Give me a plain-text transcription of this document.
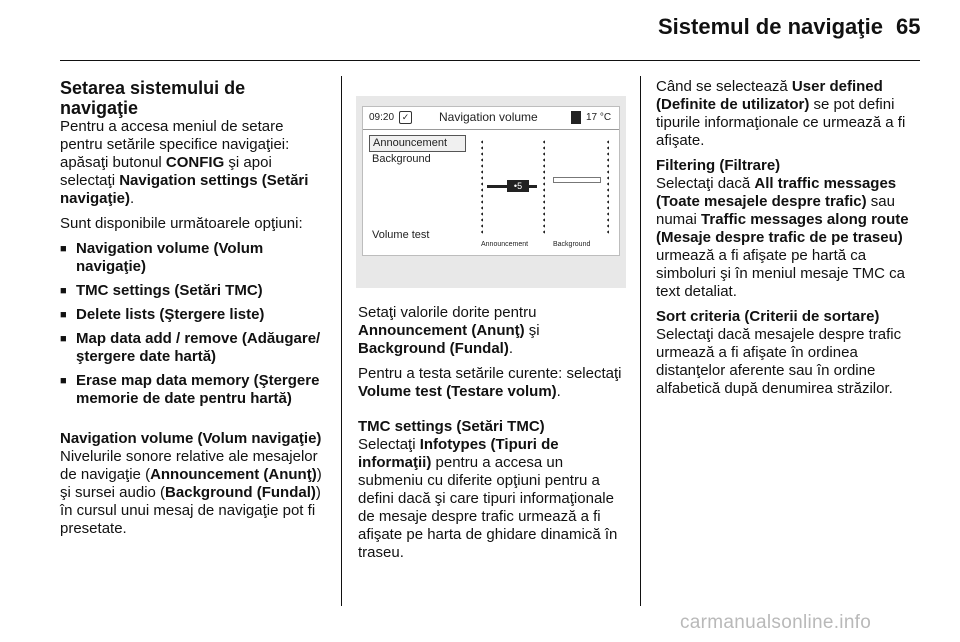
Sistemul de navigaţie 65
Setarea sistemului de navigaţie

Pentru a accesa meniul de setare pentru setările specifice navigaţiei: apăsaţi butonul CONFIG şi apoi selectaţi Navigation settings (Setări navigaţie).

Sunt disponibile următoarele opţiuni:

■ Navigation volume (Volum navigaţie)
■ TMC settings (Setări TMC)
■ Delete lists (Ştergere liste)
■ Map data add / remove (Adăugare/ ştergere date hartă)
■ Erase map data memory (Ştergere memorie de date pentru hartă)
Navigation volume (Volum navigaţie)

Nivelurile sonore relative ale mesajelor de navigaţie (Announcement (Anunţ)) şi sursei audio (Background (Fundal)) în cursul unui mesaj de navigaţie pot fi presetate.

09:20 ✓ Navigation volume	17 °C
Announcement
Background
Volume test
•5
Announcement	Background

Setaţi valorile dorite pentru Announcement (Anunţ) şi Background (Fundal).

Pentru a testa setările curente: selectaţi Volume test (Testare volum).

TMC settings (Setări TMC)

Selectaţi Infotypes (Tipuri de informaţii) pentru a accesa un submeniu cu diferite opţiuni pentru a defini dacă şi care tipuri informaţionale de mesaje despre trafic urmează a fi afişate pe harta de ghidare dinamică în traseu.

Când se selectează User defined (Definite de utilizator) se pot defini tipurile informaţionale ce urmează a fi afişate.

Filtering (Filtrare)

Selectaţi dacă All traffic messages (Toate mesajele despre trafic) sau numai Traffic messages along route (Mesaje despre trafic de pe traseu) urmează a fi afişate pe hartă ca simboluri şi în meniul mesaje TMC ca text detaliat.

Sort criteria (Criterii de sortare)

Selectaţi dacă mesajele despre trafic urmează a fi afişate în ordinea distanţelor aferente sau în ordine alfabetică după denumirea străzilor.

carmanualsonline.info
